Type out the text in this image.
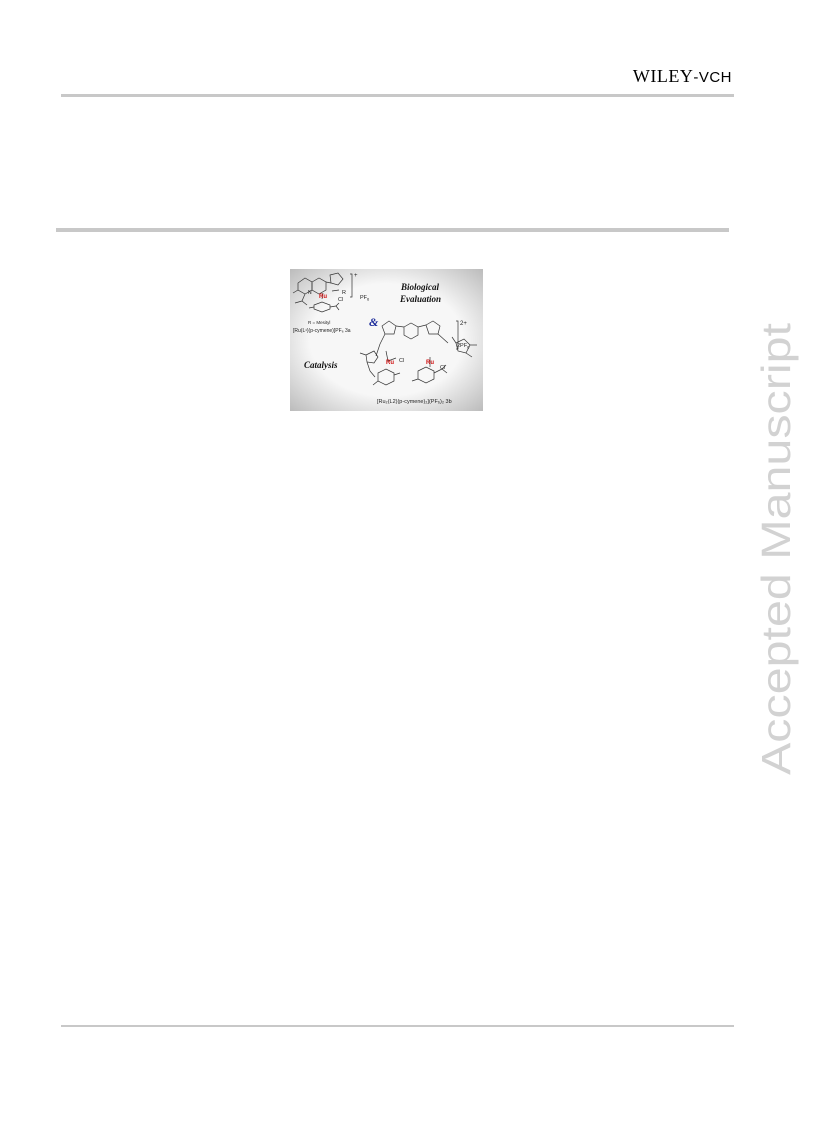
WILEY-VCH
Accepted Manuscript
+
Ru Cl
R
N
$PF_6$
R = Mesityl
[Ru(L¹)(p-cymene)]PF₆ 3a
Biological
Evaluation
&
Catalysis
2+
$2PF_6$
Ru Cl	Ru
Cl
[Ru₂(L2)(p-cymene)₂](PF₆)₂ 3b
